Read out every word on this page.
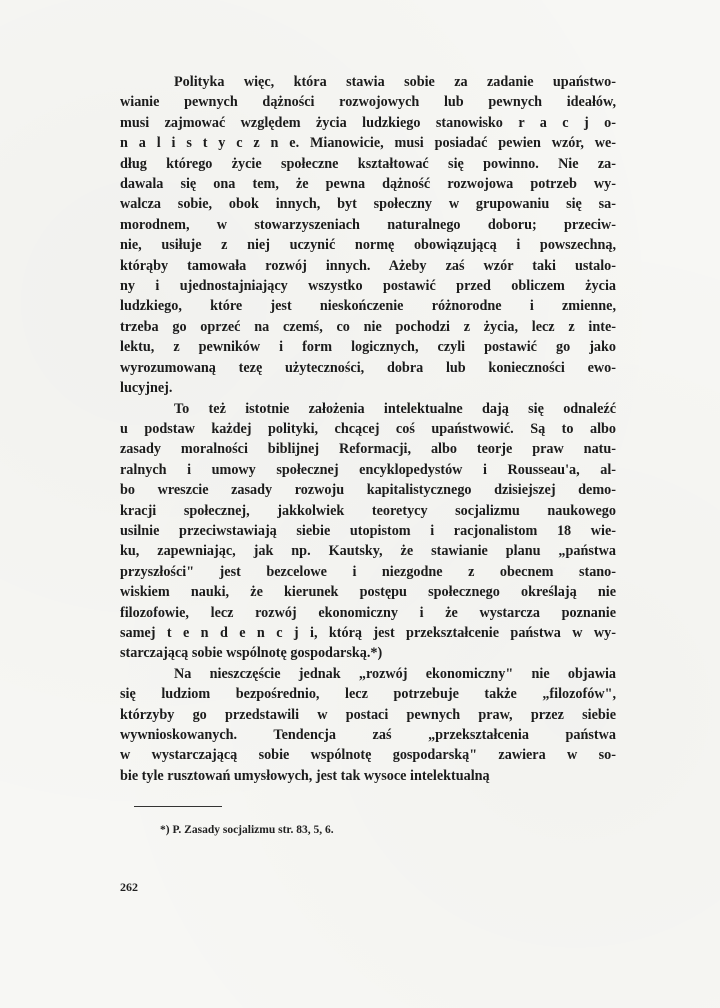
Polityka więc, która stawia sobie za zadanie upaństwo-
wianie pewnych dążności rozwojowych lub pewnych ideałów,
musi zajmować względem życia ludzkiego stanowisko r a c j o-
n a l i s t y c z n e. Mianowicie, musi posiadać pewien wzór, we-
dług którego życie społeczne kształtować się powinno. Nie za-
dawala się ona tem, że pewna dążność rozwojowa potrzeb wy-
walcza sobie, obok innych, byt społeczny w grupowaniu się sa-
morodnem, w stowarzyszeniach naturalnego doboru; przeciw-
nie, usiłuje z niej uczynić normę obowiązującą i powszechną,
którąby tamowała rozwój innych. Ażeby zaś wzór taki ustalo-
ny i ujednostajniający wszystko postawić przed obliczem życia
ludzkiego, które jest nieskończenie różnorodne i zmienne,
trzeba go oprzeć na czemś, co nie pochodzi z życia, lecz z inte-
lektu, z pewników i form logicznych, czyli postawić go jako
wyrozumowaną tezę użyteczności, dobra lub konieczności ewo-
lucyjnej.
To też istotnie założenia intelektualne dają się odnaleźć
u podstaw każdej polityki, chcącej coś upaństwowić. Są to albo
zasady moralności biblijnej Reformacji, albo teorje praw natu-
ralnych i umowy społecznej encyklopedystów i Rousseau'a, al-
bo wreszcie zasady rozwoju kapitalistycznego dzisiejszej demo-
kracji społecznej, jakkolwiek teoretycy socjalizmu naukowego
usilnie przeciwstawiają siebie utopistom i racjonalistom 18 wie-
ku, zapewniając, jak np. Kautsky, że stawianie planu „państwa
przyszłości" jest bezcelowe i niezgodne z obecnem stano-
wiskiem nauki, że kierunek postępu społecznego określają nie
filozofowie, lecz rozwój ekonomiczny i że wystarcza poznanie
samej t e n d e n c j i, którą jest przekształcenie państwa w wy-
starczającą sobie wspólnotę gospodarską.*)
Na nieszczęście jednak „rozwój ekonomiczny" nie objawia
się ludziom bezpośrednio, lecz potrzebuje także „filozofów",
którzyby go przedstawili w postaci pewnych praw, przez siebie
wywnioskowanych. Tendencja zaś „przekształcenia państwa
w wystarczającą sobie wspólnotę gospodarską" zawiera w so-
bie tyle rusztowań umysłowych, jest tak wysoce intelektualną
*) P. Zasady socjalizmu str. 83, 5, 6.
262
